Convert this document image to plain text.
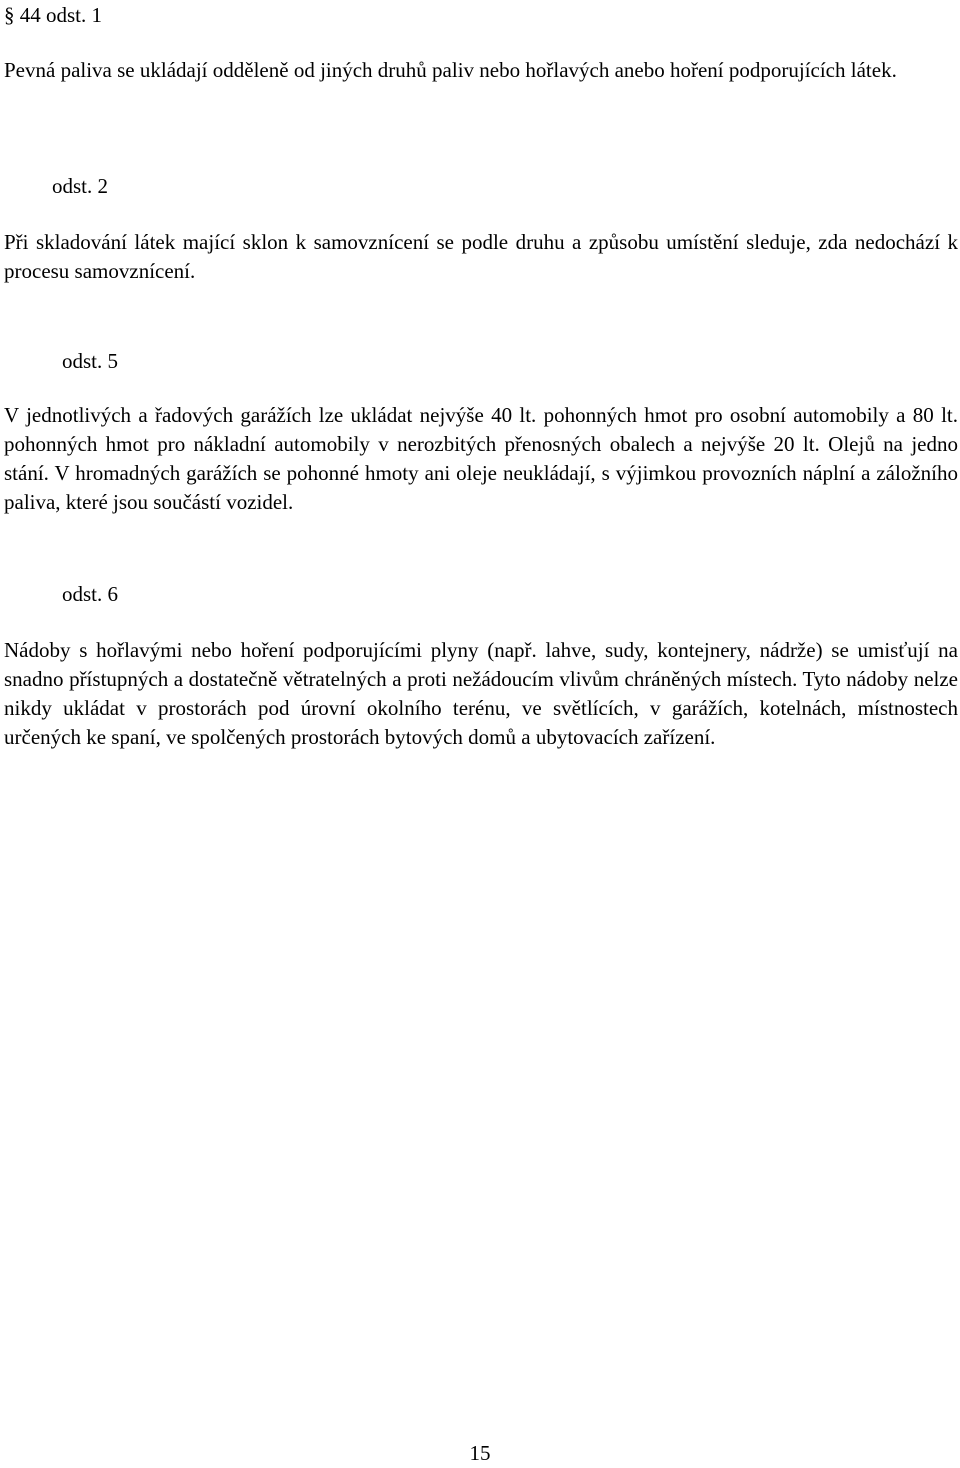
§ 44 odst. 1
Pevná paliva se ukládají odděleně od jiných druhů paliv nebo hořlavých anebo hoření podporujících látek.
odst. 2
Při skladování látek mající sklon k samovznícení se podle druhu a způsobu umístění sleduje, zda nedochází k procesu samovznícení.
odst. 5
V jednotlivých a řadových garážích lze ukládat nejvýše 40 lt. pohonných hmot pro osobní automobily a 80 lt. pohonných hmot pro nákladní automobily v nerozbitých přenosných obalech a nejvýše 20 lt. Olejů na jedno stání. V hromadných garážích se pohonné hmoty ani oleje neukládají, s výjimkou provozních náplní a záložního paliva, které jsou součástí vozidel.
odst. 6
Nádoby s hořlavými nebo hoření podporujícími plyny (např. lahve, sudy, kontejnery, nádrže) se umisťují na snadno přístupných a dostatečně větratelných a proti nežádoucím vlivům chráněných místech. Tyto nádoby nelze nikdy ukládat v prostorách pod úrovní okolního terénu, ve světlících, v garážích, kotelnách, místnostech určených ke spaní, ve spolčených prostorách bytových domů a ubytovacích zařízení.
15
